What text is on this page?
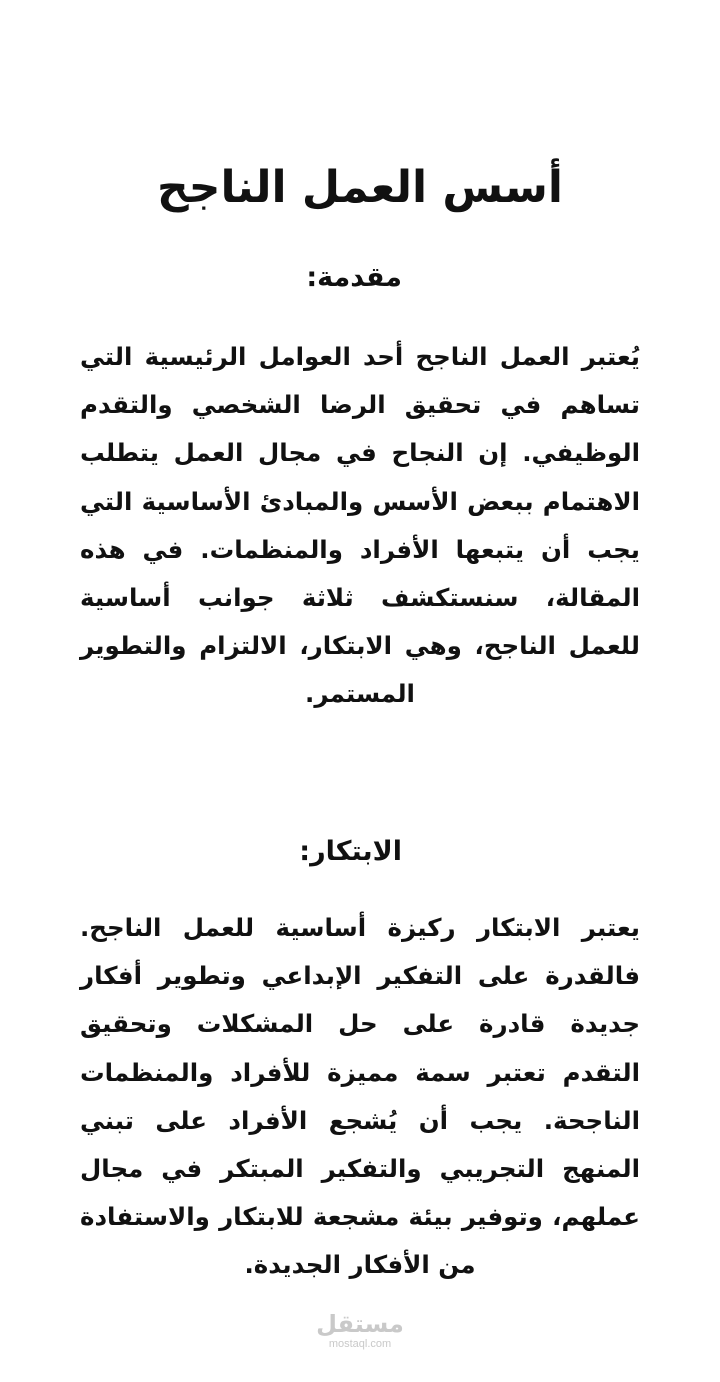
أسس العمل الناجح
مقدمة:

يُعتبر العمل الناجح أحد العوامل الرئيسية التي تساهم في تحقيق الرضا الشخصي والتقدم الوظيفي. إن النجاح في مجال العمل يتطلب الاهتمام ببعض الأسس والمبادئ الأساسية التي يجب أن يتبعها الأفراد والمنظمات. في هذه المقالة، سنستكشف ثلاثة جوانب أساسية للعمل الناجح، وهي الابتكار، الالتزام والتطوير المستمر.

الابتكار:

يعتبر الابتكار ركيزة أساسية للعمل الناجح. فالقدرة على التفكير الإبداعي وتطوير أفكار جديدة قادرة على حل المشكلات وتحقيق التقدم تعتبر سمة مميزة للأفراد والمنظمات الناجحة. يجب أن يُشجع الأفراد على تبني المنهج التجريبي والتفكير المبتكر في مجال عملهم، وتوفير بيئة مشجعة للابتكار والاستفادة من الأفكار الجديدة.

مستقل
mostaql.com
